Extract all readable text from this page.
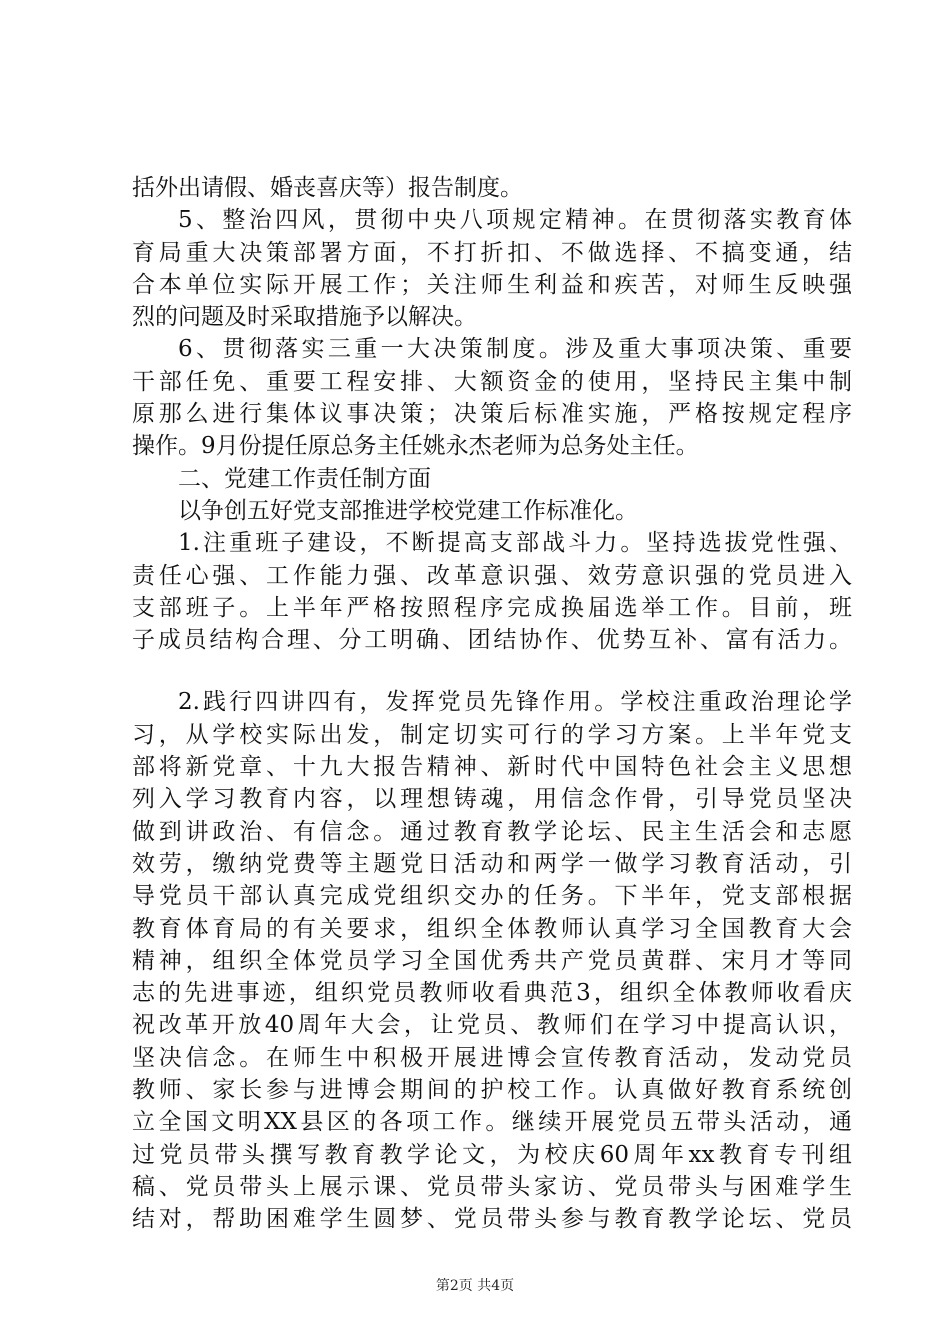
括外出请假、婚丧喜庆等）报告制度。
5、整治四风，贯彻中央八项规定精神。在贯彻落实教育体
育局重大决策部署方面，不打折扣、不做选择、不搞变通，结
合本单位实际开展工作；关注师生利益和疾苦，对师生反映强
烈的问题及时采取措施予以解决。
6、贯彻落实三重一大决策制度。涉及重大事项决策、重要
干部任免、重要工程安排、大额资金的使用，坚持民主集中制
原那么进行集体议事决策；决策后标准实施，严格按规定程序
操作。9月份提任原总务主任姚永杰老师为总务处主任。
二、党建工作责任制方面
以争创五好党支部推进学校党建工作标准化。
1.注重班子建设，不断提高支部战斗力。坚持选拔党性强、
责任心强、工作能力强、改革意识强、效劳意识强的党员进入
支部班子。上半年严格按照程序完成换届选举工作。目前，班
子成员结构合理、分工明确、团结协作、优势互补、富有活力。
2.践行四讲四有，发挥党员先锋作用。学校注重政治理论学
习，从学校实际出发，制定切实可行的学习方案。上半年党支
部将新党章、十九大报告精神、新时代中国特色社会主义思想
列入学习教育内容，以理想铸魂，用信念作骨，引导党员坚决
做到讲政治、有信念。通过教育教学论坛、民主生活会和志愿
效劳，缴纳党费等主题党日活动和两学一做学习教育活动，引
导党员干部认真完成党组织交办的任务。下半年，党支部根据
教育体育局的有关要求，组织全体教师认真学习全国教育大会
精神，组织全体党员学习全国优秀共产党员黄群、宋月才等同
志的先进事迹，组织党员教师收看典范3，组织全体教师收看庆
祝改革开放40周年大会，让党员、教师们在学习中提高认识，
坚决信念。在师生中积极开展进博会宣传教育活动，发动党员
教师、家长参与进博会期间的护校工作。认真做好教育系统创
立全国文明XX县区的各项工作。继续开展党员五带头活动，通
过党员带头撰写教育教学论文，为校庆60周年xx教育专刊组
稿、党员带头上展示课、党员带头家访、党员带头与困难学生
结对，帮助困难学生圆梦、党员带头参与教育教学论坛、党员
第2页 共4页
